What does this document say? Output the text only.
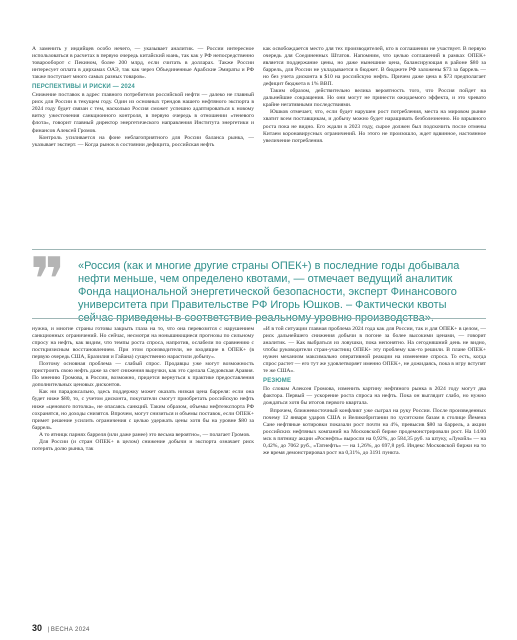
А заменить у индийцев особо нечего, — указывает аналитик. — России интересное использоваться в расчетах в первую очередь китайский юань, так как у РФ непосредственно товарооборот с Пекином, более 200 млрд, если считать в долларах. Также России интересует оплата в дирхамах ОАЭ, так как через Объединенные Арабские Эмираты и РФ также поступает много самых разных товаров».

ПЕРСПЕКТИВЫ И РИСКИ — 2024

Снижение поставок в адрес главного потребителя российской нефти — далеко не главный риск для России в текущем году. Один из основных трендов нашего нефтяного экспорта в 2024 году будет связан с тем, насколько Россия сможет успешно адаптироваться к новому витку ужесточения санкционного контроля, в первую очередь в отношении «теневого флота», говорит главный директор энергетического направления Института энергетики и финансов Алексей Громов.

Контроль усиливается на фоне неблагоприятного для России баланса рынка, — указывает эксперт. — Когда рынок в состоянии дефицита, российская нефть

как освобождается место для тех производителей, кто в соглашении не участвует. В первую очередь для Соединенных Штатов. Напомним, что целью соглашений в рамках ОПЕК+ является поддержание цены, но даже нынешние цена, балансирующая в районе $80 за баррель, для России не укладывается в бюджет. В бюджете РФ заложены $73 за баррель — но без учета дисконта в $10 на российскую нефть. Причем даже цена в $73 предполагает дефицит бюджета в 1% ВВП.

Таким образом, действительно велика вероятность того, что Россия пойдет на дальнейшие сокращения. Но они могут не принести ожидаемого эффекта, и это чревато крайне негативными последствиями.

Юшков отмечает, что, если будет нарушен рост потребления, места на мировом рынке хватит всем поставщикам, и добычу можно будет наращивать безболезненно. Но взрывного роста пока не видно. Его ждали в 2023 году, сырое должен был подскочить после отмены Китаем коронавирусных ограничений. Но этого не произошло, ждет вдвинное, настоянное увеличение потребления.

❞ «Россия (как и многие другие страны ОПЕК+) в последние годы добывала нефти меньше, чем определено квотами, — отмечает ведущий аналитик Фонда национальной энергетической безопасности, эксперт Финансового университета при Правительстве РФ Игорь Юшков. – Фактически квоты сейчас приведены в соответствие реальному уровню производства».

нужна, и многие страны готовы закрыть глаза на то, что она перевозится с нарушением санкционных ограничений. Но сейчас, несмотря на нонышнющиеся прогнозы по сильному спросу на нефть, как видим, что темпы роста спроса, напротив, ослабели по сравнению с посткризисным восстановлением. При этом производители, не входящие в ОПЕК+ (в первую очередь США, Бразилия и Гайана) существенно нарастили добычу».

Поэтому основная проблема — слабый спрос. Продавцы уже могут возможность пристроить свою нефть даже за счет снижения выручки, как это сделала Саудовская Аравия. По мнению Громова, в России, возможно, придется вернуться к практике предоставления дополнительных ценовых дисконтов.

Как ни парадоксально, здесь поддержку может оказать низкая цена барреля: если она будет ниже $80, то, с учетом дисконта, покупатели смогут приобретать российскую нефть ниже «ценового потолка», не опасаясь санкций. Таким образом, объемы нефтеэкспорта РФ сохранятся, но доходы снизятся. Впрочем, могут снизиться и объемы поставок, если ОПЕК+ примет решение усилить ограничения с целью удержать цены хотя бы на уровне $80 за баррель.

А то ятницк парнях барреля (или даже ранее) это весьма вероятно», — полагает Громов.

Для России (и стран ОПЕК+ в целом) снижение добычи и экспорта означает риск потерять долю рынка, так

«И в той ситуации главная проблема 2024 года как для России, так и для ОПЕК+ в целом, — риск дальнейшего снижения добычи в погоне за более высокими ценами, — говорит аналитик. — Как выбраться из ловушки, пока непонятно. На сегодняшний день не видно, чтобы руководители стран-участниц ОПЕК+ эту проблему как-то решили. В плане ОПЕК+ нужен механизм максимально оперативной реакции на изменение спроса. То есть, когда спрос растет — его тут же удовлетворяет именно ОПЕК+, не дожидаясь, пока в игру вступят те же США».

РЕЗЮМЕ

По словам Алексея Громова, изменить картину нефтяного рынка в 2024 году могут два фактора. Первый — ускорение роста спроса на нефть. Пока он выглядит слабо, но нужно дождаться хотя бы итогов первого квартала.

Впрочем, ближневосточный конфликт уже сыграл на руку России. После произведенных почему 12 января ударов США и Великобритании по хуситским базам в столице Йемена Сане нефтяные котировки показали рост почти на 4%, превысив $80 за баррель, а акции российских нефтяных компаний на Московской бирже продемонстрировали рост. На 14.00 мск в пятницу акции «Роснефть» выросли на 0,92%, до 584,35 руб. за штуку, «Лукойл» — на 0,42%, до 7062 руб., «Татнефть» — на 1,26%, до 697,8 руб. Индекс Московской биржи на то же время демонстрировал рост на 0,31%, до 3191 пункта.

30 | ВЕСНА 2024
